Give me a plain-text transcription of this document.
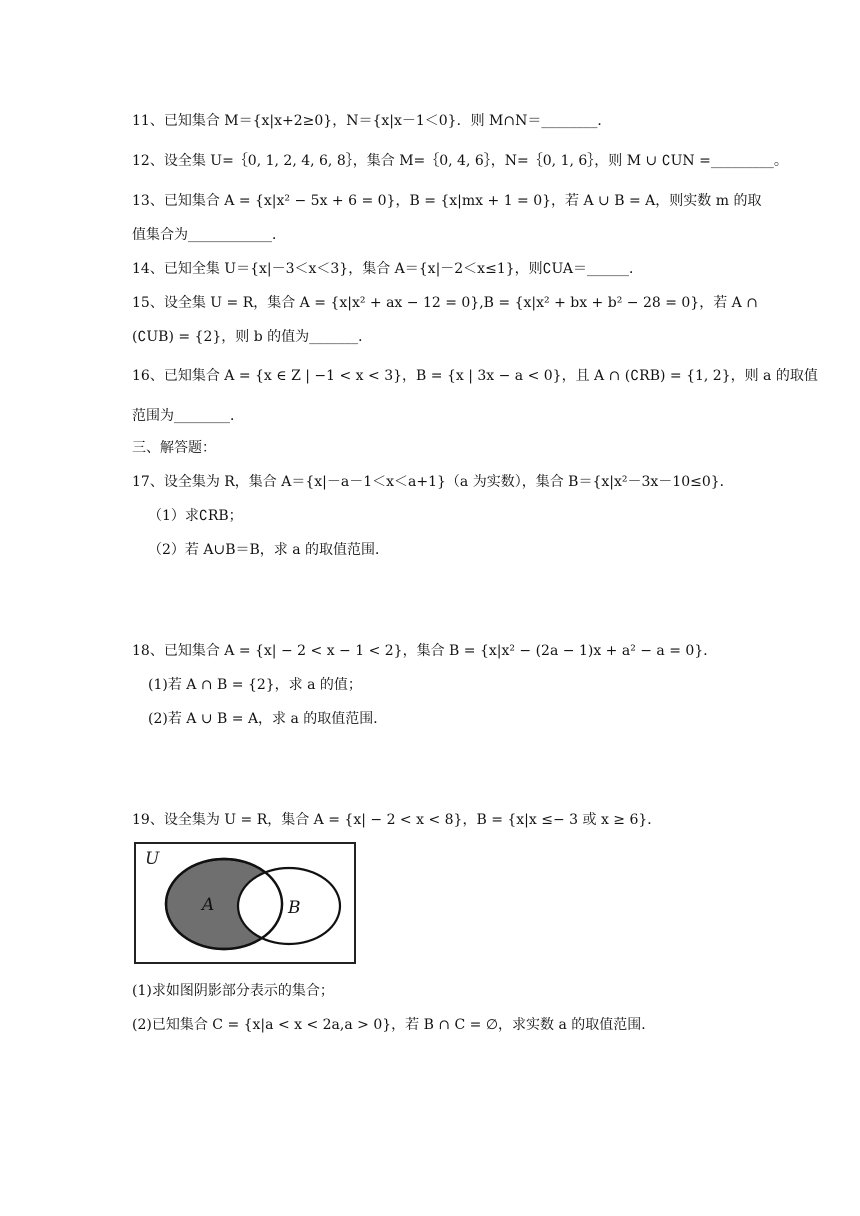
11、已知集合 M＝{x|x+2≥0}，N＝{x|x－1＜0}．则 M∩N＝________．
12、设全集 U=｛0, 1, 2, 4, 6, 8｝，集合 M=｛0, 4, 6｝，N=｛0, 1, 6｝，则 M ∪ ∁UN =_________。
13、已知集合 A = {x|x² − 5x + 6 = 0}，B = {x|mx + 1 = 0}，若 A ∪ B = A，则实数 m 的取
值集合为____________．
14、已知全集 U＝{x|－3＜x＜3}，集合 A＝{x|－2＜x≤1}，则∁UA＝______．
15、设全集 U = R，集合 A = {x|x² + ax − 12 = 0},B = {x|x² + bx + b² − 28 = 0}，若 A ∩
(∁UB) = {2}，则 b 的值为_______．
16、已知集合 A = {x ∈ Z | −1 < x < 3}，B = {x | 3x − a < 0}，且 A ∩ (∁RB) = {1, 2}，则 a 的取值
范围为________．
三、解答题：
17、设全集为 R，集合 A＝{x|－a－1＜x＜a+1}（a 为实数），集合 B＝{x|x²－3x－10≤0}．
（1）求∁RB；
（2）若 A∪B＝B，求 a 的取值范围．
18、已知集合 A = {x| − 2 < x − 1 < 2}，集合 B = {x|x² − (2a − 1)x + a² − a = 0}．
(1)若 A ∩ B = {2}，求 a 的值；
(2)若 A ∪ B = A，求 a 的取值范围．
19、设全集为 U = R，集合 A = {x| − 2 < x < 8}，B = {x|x ≤− 3 或 x ≥ 6}．
U
A	B
(1)求如图阴影部分表示的集合；
(2)已知集合 C = {x|a < x < 2a,a > 0}，若 B ∩ C = ∅，求实数 a 的取值范围．
